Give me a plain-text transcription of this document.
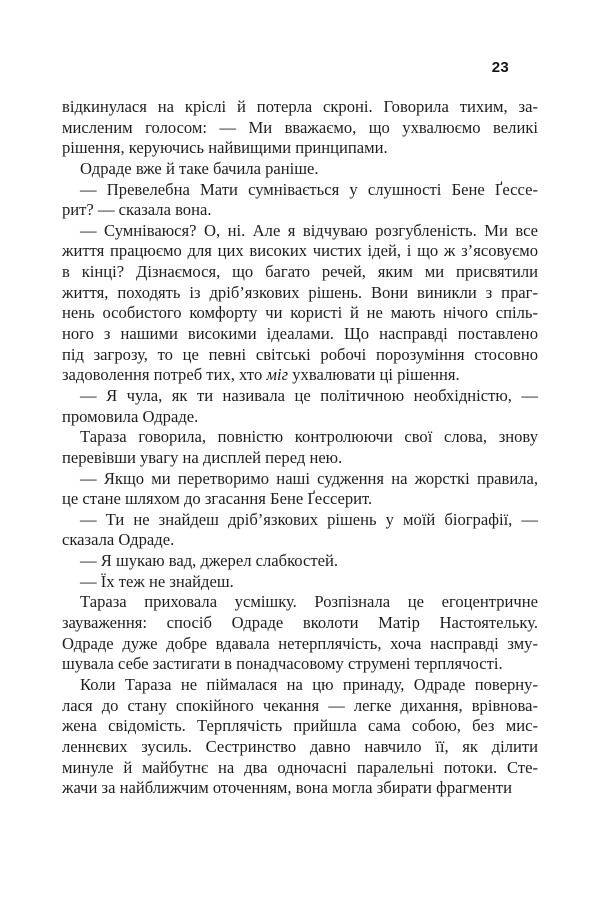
23
відкинулася на кріслі й потерла скроні. Говорила тихим, за-
мисленим голосом: — Ми вважаємо, що ухвалюємо великі
рішення, керуючись найвищими принципами.
Одраде вже й таке бачила раніше.
— Превелебна Мати сумнівається у слушності Бене Ґессе-
рит? — сказала вона.
— Сумніваюся? О, ні. Але я відчуваю розгубленість. Ми все
життя працюємо для цих високих чистих ідей, і що ж з’ясовуємо
в кінці? Дізнаємося, що багато речей, яким ми присвятили
життя, походять із дріб’язкових рішень. Вони виникли з праг-
нень особистого комфорту чи користі й не мають нічого спіль-
ного з нашими високими ідеалами. Що насправді поставлено
під загрозу, то це певні світські робочі порозуміння стосовно
задоволення потреб тих, хто міг ухвалювати ці рішення.
— Я чула, як ти називала це політичною необхідністю, —
промовила Одраде.
Тараза говорила, повністю контролюючи свої слова, знову
перевівши увагу на дисплей перед нею.
— Якщо ми перетворимо наші судження на жорсткі правила,
це стане шляхом до згасання Бене Ґессерит.
— Ти не знайдеш дріб’язкових рішень у моїй біографії, —
сказала Одраде.
— Я шукаю вад, джерел слабкостей.
— Їх теж не знайдеш.
Тараза приховала усмішку. Розпізнала це егоцентричне
зауваження: спосіб Одраде вколоти Матір Настоятельку.
Одраде дуже добре вдавала нетерплячість, хоча насправді зму-
шувала себе застигати в понадчасовому струмені терплячості.
Коли Тараза не піймалася на цю принаду, Одраде поверну-
лася до стану спокійного чекання — легке дихання, врівнова-
жена свідомість. Терплячість прийшла сама собою, без мис-
леннєвих зусиль. Сестринство давно навчило її, як ділити
минуле й майбутнє на два одночасні паралельні потоки. Сте-
жачи за найближчим оточенням, вона могла збирати фрагменти
